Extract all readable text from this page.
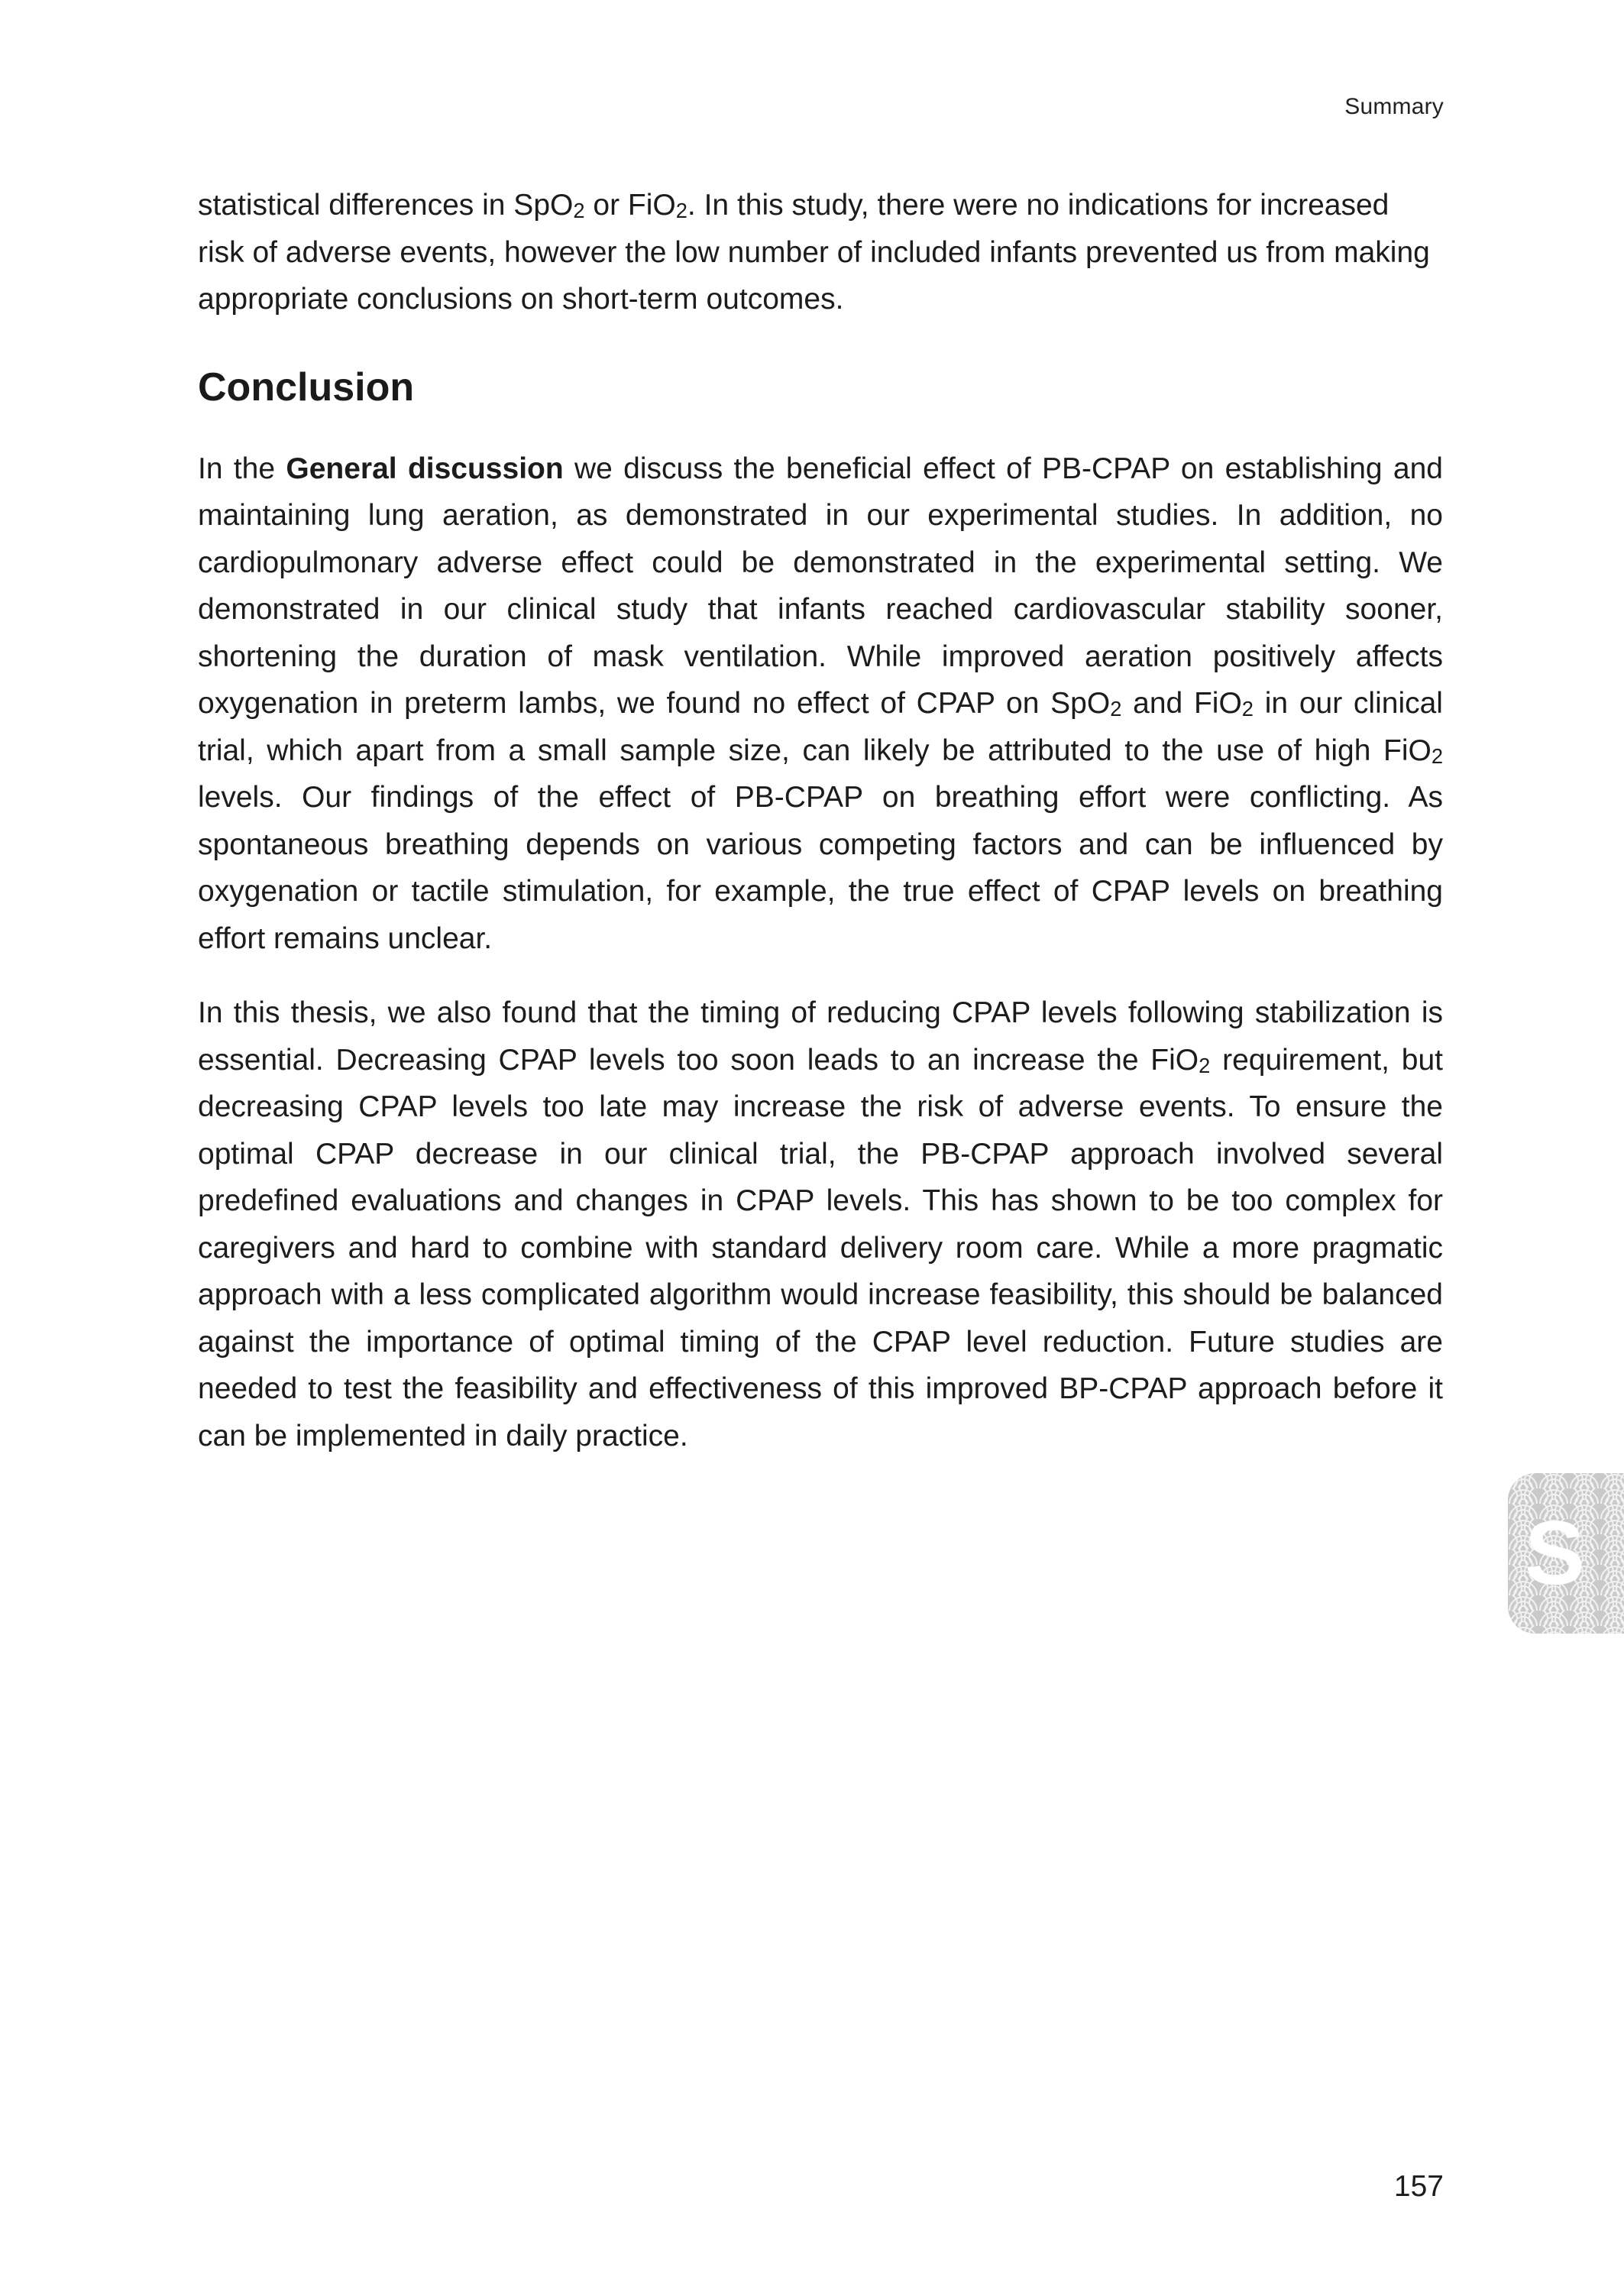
Summary

statistical differences in SpO$_2$ or FiO$_2$. In this study, there were no indications for increased risk of adverse events, however the low number of included infants prevented us from making appropriate conclusions on short-term outcomes.

Conclusion

In the General discussion we discuss the beneficial effect of PB-CPAP on establishing and maintaining lung aeration, as demonstrated in our experimental studies. In addition, no cardiopulmonary adverse effect could be demonstrated in the experimental setting. We demonstrated in our clinical study that infants reached cardiovascular stability sooner, shortening the duration of mask ventilation. While improved aeration positively affects oxygenation in preterm lambs, we found no effect of CPAP on SpO$_2$ and FiO$_2$ in our clinical trial, which apart from a small sample size, can likely be attributed to the use of high FiO$_2$ levels. Our findings of the effect of PB-CPAP on breathing effort were conflicting. As spontaneous breathing depends on various competing factors and can be influenced by oxygenation or tactile stimulation, for example, the true effect of CPAP levels on breathing effort remains unclear.

In this thesis, we also found that the timing of reducing CPAP levels following stabilization is essential. Decreasing CPAP levels too soon leads to an increase the FiO$_2$ requirement, but decreasing CPAP levels too late may increase the risk of adverse events. To ensure the optimal CPAP decrease in our clinical trial, the PB-CPAP approach involved several predefined evaluations and changes in CPAP levels. This has shown to be too complex for caregivers and hard to combine with standard delivery room care. While a more pragmatic approach with a less complicated algorithm would increase feasibility, this should be balanced against the importance of optimal timing of the CPAP level reduction. Future studies are needed to test the feasibility and effectiveness of this improved BP-CPAP approach before it can be implemented in daily practice.

S
157
